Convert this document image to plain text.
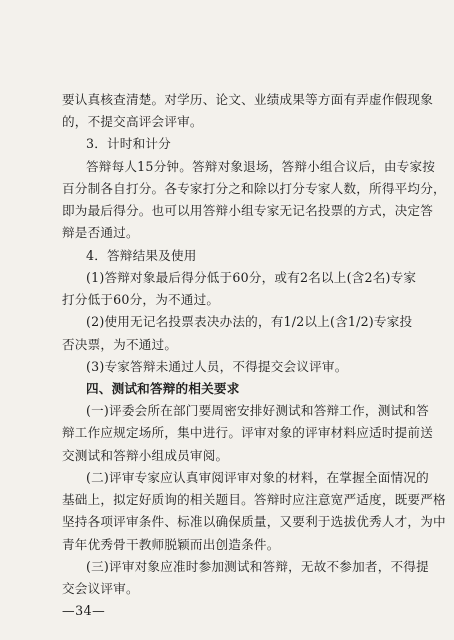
要认真核查清楚。对学历、论文、业绩成果等方面有弄虚作假现象
的，不提交高评会评审。
3．计时和计分
答辩每人15分钟。答辩对象退场，答辩小组合议后，由专家按
百分制各自打分。各专家打分之和除以打分专家人数，所得平均分，
即为最后得分。也可以用答辩小组专家无记名投票的方式，决定答
辩是否通过。
4．答辩结果及使用
(1)答辩对象最后得分低于60分，或有2名以上(含2名)专家
打分低于60分，为不通过。
(2)使用无记名投票表决办法的，有1/2以上(含1/2)专家投
否决票，为不通过。
(3)专家答辩未通过人员，不得提交会议评审。
四、测试和答辩的相关要求
(一)评委会所在部门要周密安排好测试和答辩工作，测试和答
辩工作应规定场所，集中进行。评审对象的评审材料应适时提前送
交测试和答辩小组成员审阅。
(二)评审专家应认真审阅评审对象的材料，在掌握全面情况的
基础上，拟定好质询的相关题目。答辩时应注意宽严适度，既要严格
坚持各项评审条件、标准以确保质量，又要利于选拔优秀人才，为中
青年优秀骨干教师脱颖而出创造条件。
(三)评审对象应准时参加测试和答辩，无故不参加者，不得提
交会议评审。
—34—
